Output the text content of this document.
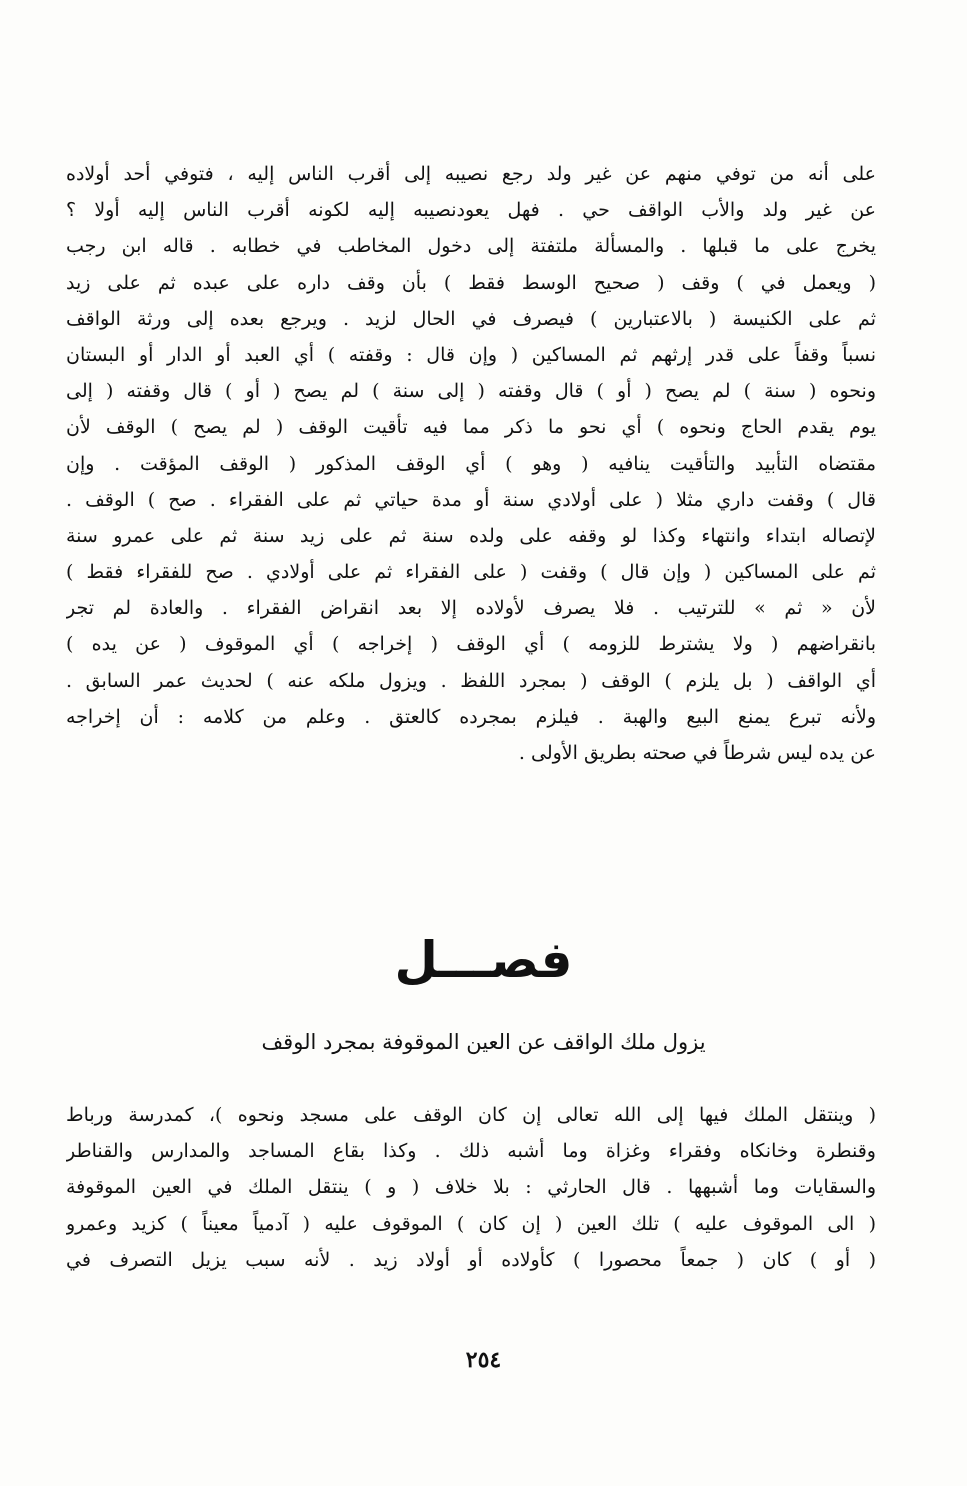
على أنه من توفي منهم عن غير ولد رجع نصيبه إلى أقرب الناس إليه ، فتوفي أحد أولاده
عن غير ولد والأب الواقف حي . فهل يعودنصيبه إليه لكونه أقرب الناس إليه أولا ؟
يخرج على ما قبلها . والمسألة ملتفتة إلى دخول المخاطب في خطابه . قاله ابن رجب
( ويعمل في ) وقف ( صحيح الوسط فقط ) بأن وقف داره على عبده ثم على زيد
ثم على الكنيسة ( بالاعتبارين ) فيصرف في الحال لزيد . ويرجع بعده إلى ورثة الواقف
نسباً وقفاً على قدر إرثهم ثم المساكين ( وإن قال : وقفته ) أي العبد أو الدار أو البستان
ونحوه ( سنة ) لم يصح ( أو ) قال وقفته ( إلى سنة ) لم يصح ( أو ) قال وقفته ( إلى
يوم يقدم الحاج ونحوه ) أي نحو ما ذكر مما فيه تأقيت الوقف ( لم يصح ) الوقف لأن
مقتضاه التأبيد والتأقيت ينافيه ( وهو ) أي الوقف المذكور ( الوقف المؤقت . وإن
قال ) وقفت داري مثلا ( على أولادي سنة أو مدة حياتي ثم على الفقراء . صح ) الوقف .
لإتصاله ابتداء وانتهاء وكذا لو وقفه على ولده سنة ثم على زيد سنة ثم على عمرو سنة
ثم على المساكين ( وإن قال ) وقفت ( على الفقراء ثم على أولادي . صح للفقراء فقط )
لأن « ثم » للترتيب . فلا يصرف لأولاده إلا بعد انقراض الفقراء . والعادة لم تجر
بانقراضهم ( ولا يشترط للزومه ) أي الوقف ( إخراجه ) أي الموقوف ( عن يده )
أي الواقف ( بل يلزم ) الوقف ( بمجرد اللفظ . ويزول ملكه عنه ) لحديث عمر السابق .
ولأنه تبرع يمنع البيع والهبة . فيلزم بمجرده كالعتق . وعلم من كلامه : أن إخراجه
عن يده ليس شرطاً في صحته بطريق الأولى .
فصـــل
يزول ملك الواقف عن العين الموقوفة بمجرد الوقف
( وينتقل الملك فيها إلى الله تعالى إن كان الوقف على مسجد ونحوه )، كمدرسة ورباط
وقنطرة وخانكاه وفقراء وغزاة وما أشبه ذلك . وكذا بقاع المساجد والمدارس والقناطر
والسقايات وما أشبهها . قال الحارثي : بلا خلاف ( و ) ينتقل الملك في العين الموقوفة
( الى الموقوف عليه ) تلك العين ( إن كان ) الموقوف عليه ( آدمياً معيناً ) كزيد وعمرو
( أو ) كان ( جمعاً محصورا ) كأولاده أو أولاد زيد . لأنه سبب يزيل التصرف في
٢٥٤
